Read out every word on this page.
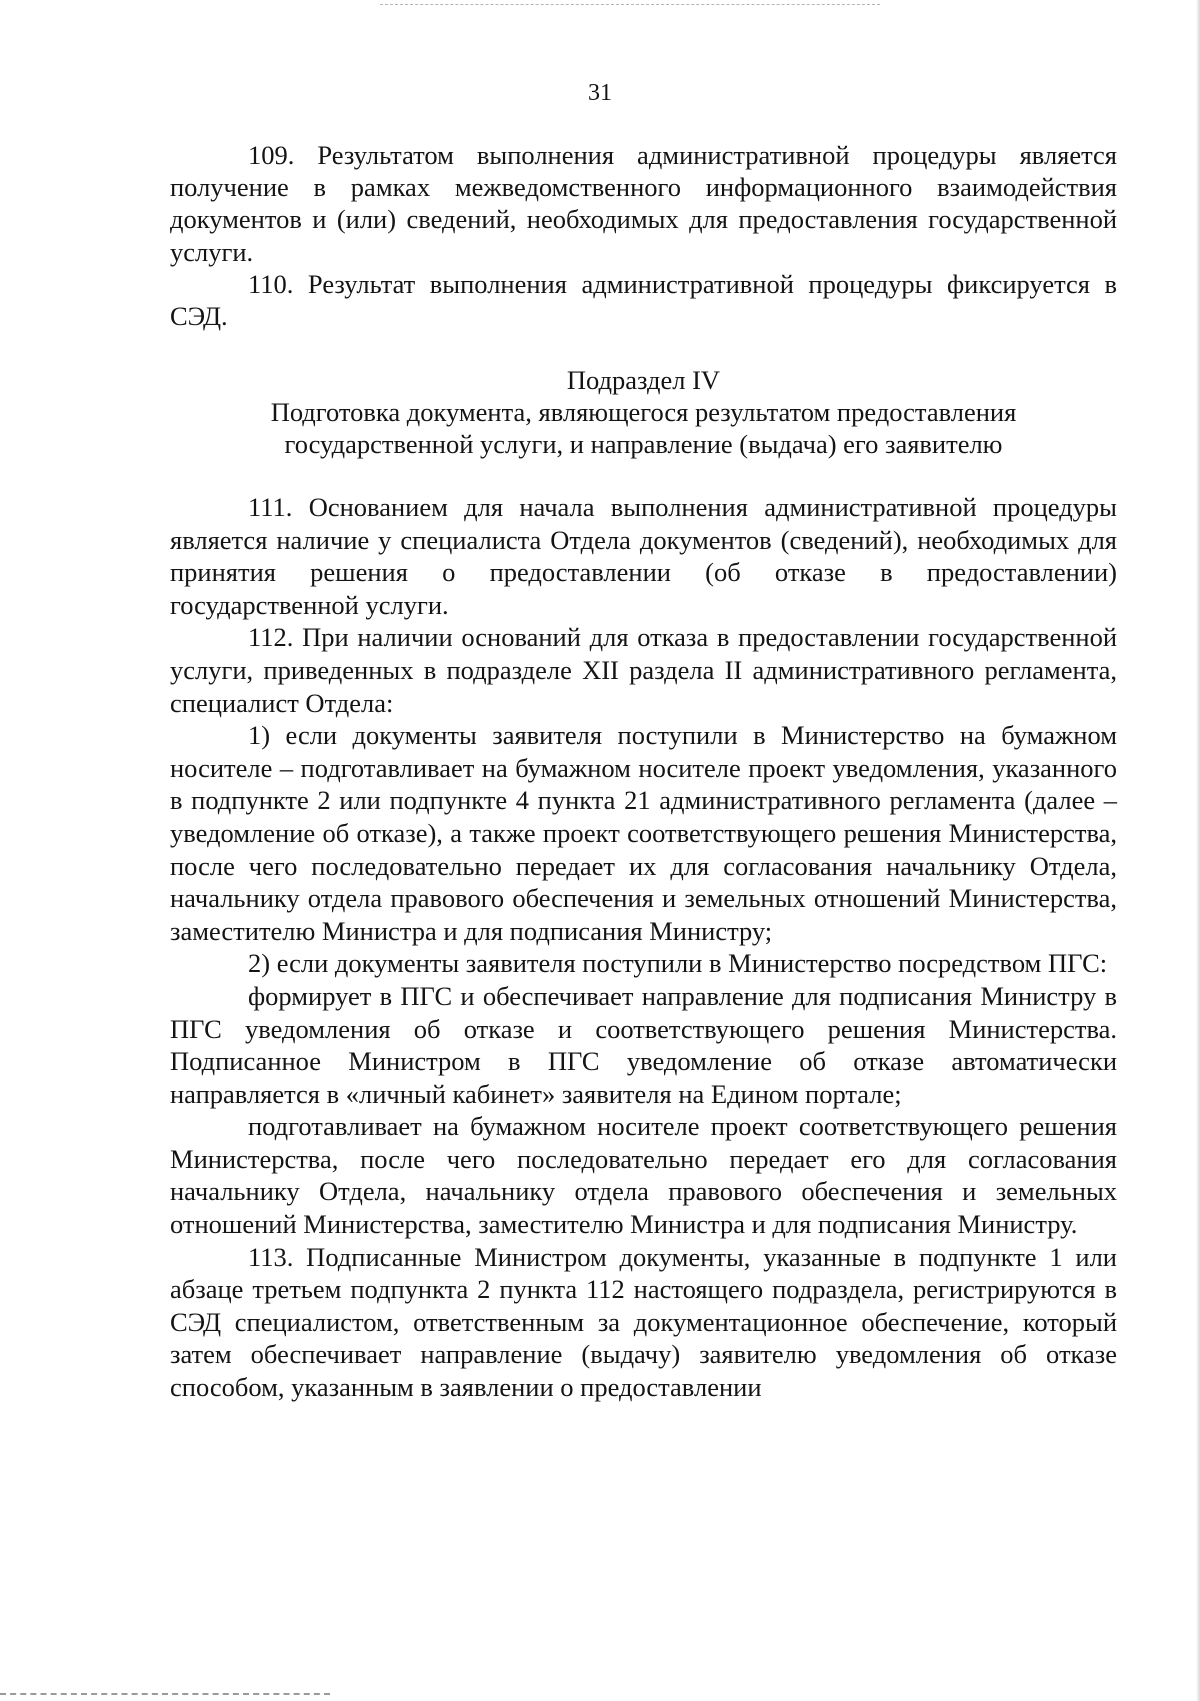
31

109. Результатом выполнения административной процедуры является получение в рамках межведомственного информационного взаимодействия документов и (или) сведений, необходимых для предоставления государственной услуги.

110. Результат выполнения административной процедуры фиксируется в СЭД.

Подраздел IV
Подготовка документа, являющегося результатом предоставления
государственной услуги, и направление (выдача) его заявителю

111. Основанием для начала выполнения административной процедуры является наличие у специалиста Отдела документов (сведений), необходимых для принятия решения о предоставлении (об отказе в предоставлении) государственной услуги.

112. При наличии оснований для отказа в предоставлении государственной услуги, приведенных в подразделе XII раздела II административного регламента, специалист Отдела:

1) если документы заявителя поступили в Министерство на бумажном носителе – подготавливает на бумажном носителе проект уведомления, указанного в подпункте 2 или подпункте 4 пункта 21 административного регламента (далее – уведомление об отказе), а также проект соответствующего решения Министерства, после чего последовательно передает их для согласования начальнику Отдела, начальнику отдела правового обеспечения и земельных отношений Министерства, заместителю Министра и для подписания Министру;

2) если документы заявителя поступили в Министерство посредством ПГС:

формирует в ПГС и обеспечивает направление для подписания Министру в ПГС уведомления об отказе и соответствующего решения Министерства. Подписанное Министром в ПГС уведомление об отказе автоматически направляется в «личный кабинет» заявителя на Едином портале;

подготавливает на бумажном носителе проект соответствующего решения Министерства, после чего последовательно передает его для согласования начальнику Отдела, начальнику отдела правового обеспечения и земельных отношений Министерства, заместителю Министра и для подписания Министру.

113. Подписанные Министром документы, указанные в подпункте 1 или абзаце третьем подпункта 2 пункта 112 настоящего подраздела, регистрируются в СЭД специалистом, ответственным за документационное обеспечение, который затем обеспечивает направление (выдачу) заявителю уведомления об отказе способом, указанным в заявлении о предоставлении
